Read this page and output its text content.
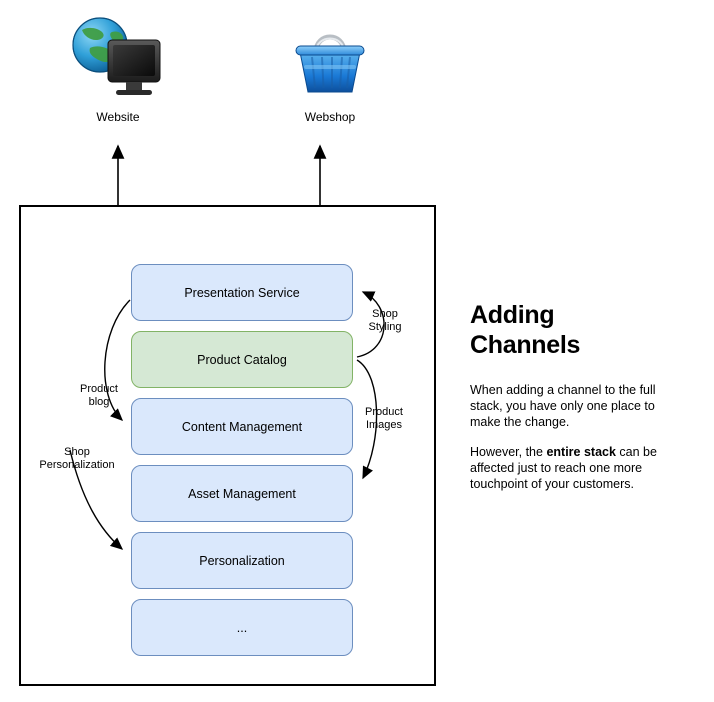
Website	Webshop
Presentation Service
Product Catalog
Content Management
Asset Management
Personalization
...
Shop
Styling
Product
Images
Product
blog
Shop
Personalization
Adding
Channels

When adding a channel to the full stack, you have only one place to make the change.

However, the entire stack can be affected just to reach one more touchpoint of your customers.
